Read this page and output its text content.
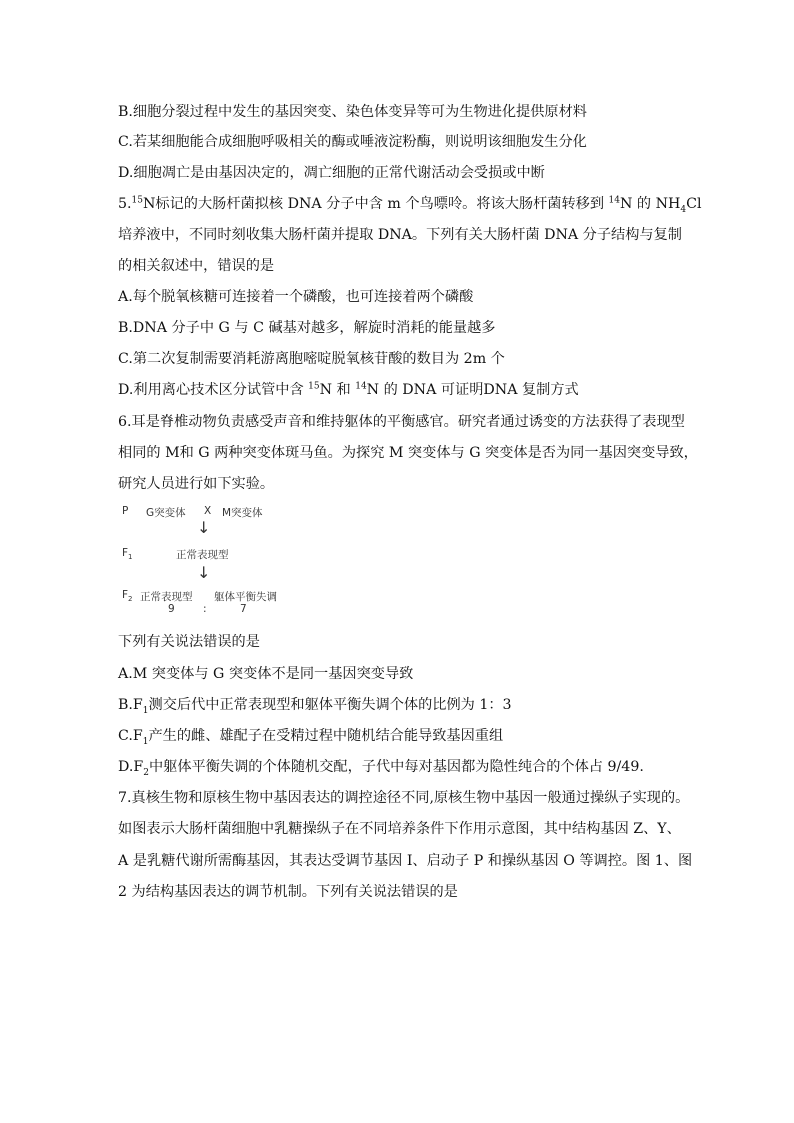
B.细胞分裂过程中发生的基因突变、染色体变异等可为生物进化提供原材料
C.若某细胞能合成细胞呼吸相关的酶或唾液淀粉酶，则说明该细胞发生分化
D.细胞凋亡是由基因决定的，凋亡细胞的正常代谢活动会受损或中断
5.15N标记的大肠杆菌拟核 DNA 分子中含 m 个鸟嘌呤。将该大肠杆菌转移到 $^{14}$N 的 $NH_4Cl$
培养液中，不同时刻收集大肠杆菌并提取 DNA。下列有关大肠杆菌 DNA 分子结构与复制
的相关叙述中，错误的是
A.每个脱氧核糖可连接着一个磷酸，也可连接着两个磷酸
B.DNA 分子中 G 与 C 碱基对越多，解旋时消耗的能量越多
C.第二次复制需要消耗游离胞嘧啶脱氧核苷酸的数目为 2m 个
D.利用离心技术区分试管中含 $^{15}$N 和 $^{14}$N 的 DNA 可证明DNA 复制方式
6.耳是脊椎动物负责感受声音和维持躯体的平衡感官。研究者通过诱变的方法获得了表现型
相同的 M和 G 两种突变体斑马鱼。为探究 M 突变体与 G 突变体是否为同一基因突变导致，
研究人员进行如下实验。
P G突变体 X M突变体
↓
$F_1$	正常表现型
↓
$F_2$ 正常表现型 躯体平衡失调
9	:	7
下列有关说法错误的是
A.M 突变体与 G 突变体不是同一基因突变导致
$B.F_1$测交后代中正常表现型和躯体平衡失调个体的比例为 1：3
$C.F_1$产生的雌、雄配子在受精过程中随机结合能导致基因重组
$D.F_2$中躯体平衡失调的个体随机交配，子代中每对基因都为隐性纯合的个体占 9/49.
7.真核生物和原核生物中基因表达的调控途径不同,原核生物中基因一般通过操纵子实现的。
如图表示大肠杆菌细胞中乳糖操纵子在不同培养条件下作用示意图，其中结构基因 Z、Y、
A 是乳糖代谢所需酶基因，其表达受调节基因 I、启动子 P 和操纵基因 O 等调控。图 1、图
2 为结构基因表达的调节机制。下列有关说法错误的是
